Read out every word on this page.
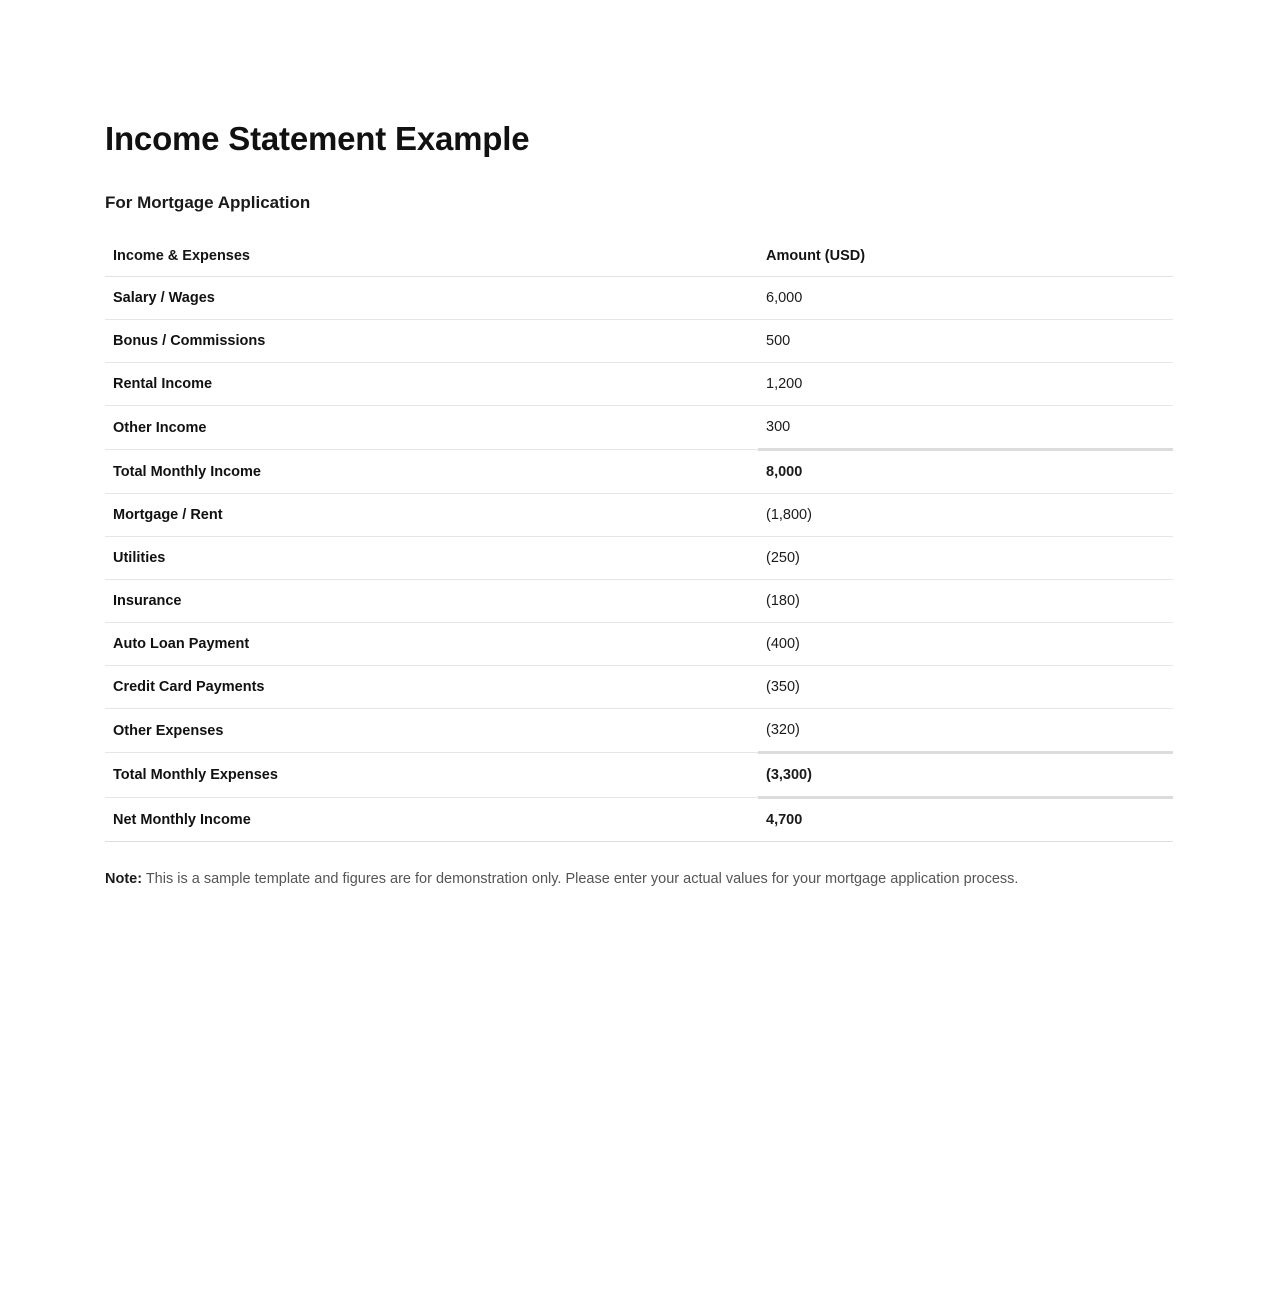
Income Statement Example
For Mortgage Application
Income & Expenses	Amount (USD)
Salary / Wages	6,000
Bonus / Commissions	500
Rental Income	1,200
Other Income	300
Total Monthly Income	8,000
Mortgage / Rent	(1,800)
Utilities	(250)
Insurance	(180)
Auto Loan Payment	(400)
Credit Card Payments	(350)
Other Expenses	(320)
Total Monthly Expenses	(3,300)
Net Monthly Income	4,700

Note: This is a sample template and figures are for demonstration only. Please enter your actual values for your mortgage application process.
